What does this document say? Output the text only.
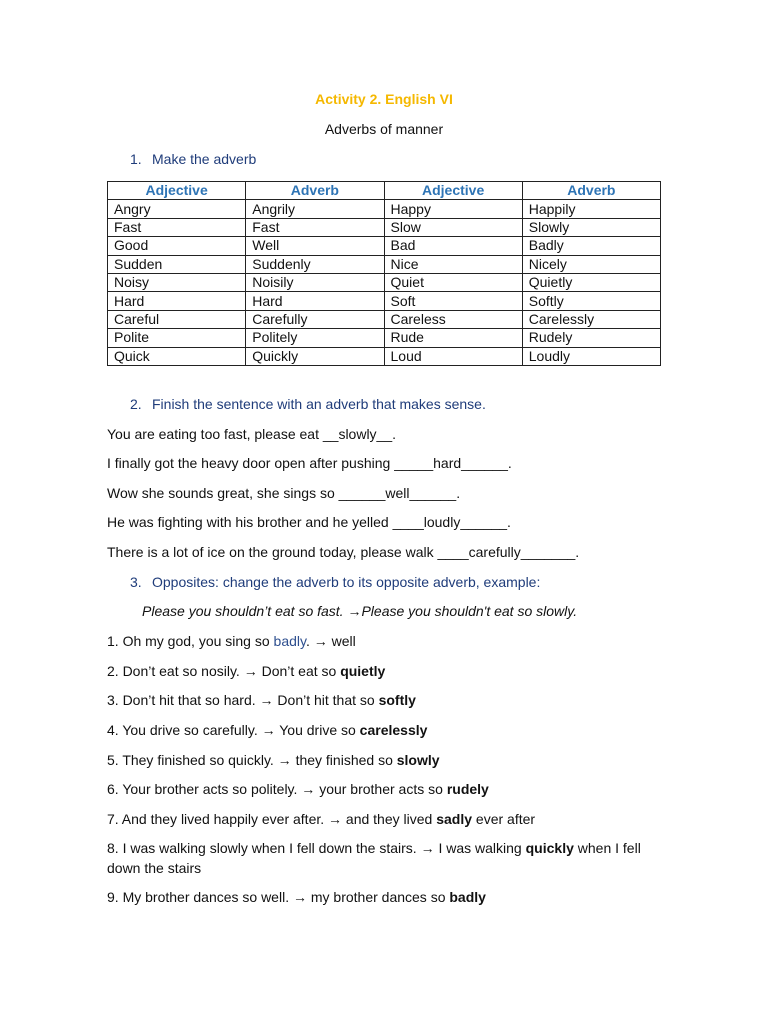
Activity 2. English VI
Adverbs of manner
1. Make the adverb
Adjective	Adverb	Adjective	Adverb
Angry	Angrily	Happy	Happily
Fast	Fast	Slow	Slowly
Good	Well	Bad	Badly
Sudden	Suddenly	Nice	Nicely
Noisy	Noisily	Quiet	Quietly
Hard	Hard	Soft	Softly
Careful	Carefully	Careless	Carelessly
Polite	Politely	Rude	Rudely
Quick	Quickly	Loud	Loudly
2. Finish the sentence with an adverb that makes sense.
You are eating too fast, please eat __slowly__.
I finally got the heavy door open after pushing _____hard______.
Wow she sounds great, she sings so ______well______.
He was fighting with his brother and he yelled ____loudly______.
There is a lot of ice on the ground today, please walk ____carefully_______.
3. Opposites: change the adverb to its opposite adverb, example:
Please you shouldn’t eat so fast. →Please you shouldn't eat so slowly.
1. Oh my god, you sing so badly. → well
2. Don’t eat so nosily. → Don’t eat so quietly
3. Don’t hit that so hard. → Don’t hit that so softly
4. You drive so carefully. → You drive so carelessly
5. They finished so quickly. → they finished so slowly
6. Your brother acts so politely. → your brother acts so rudely
7. And they lived happily ever after. → and they lived sadly ever after
8. I was walking slowly when I fell down the stairs. → I was walking quickly when I fell down the stairs
9. My brother dances so well. → my brother dances so badly
